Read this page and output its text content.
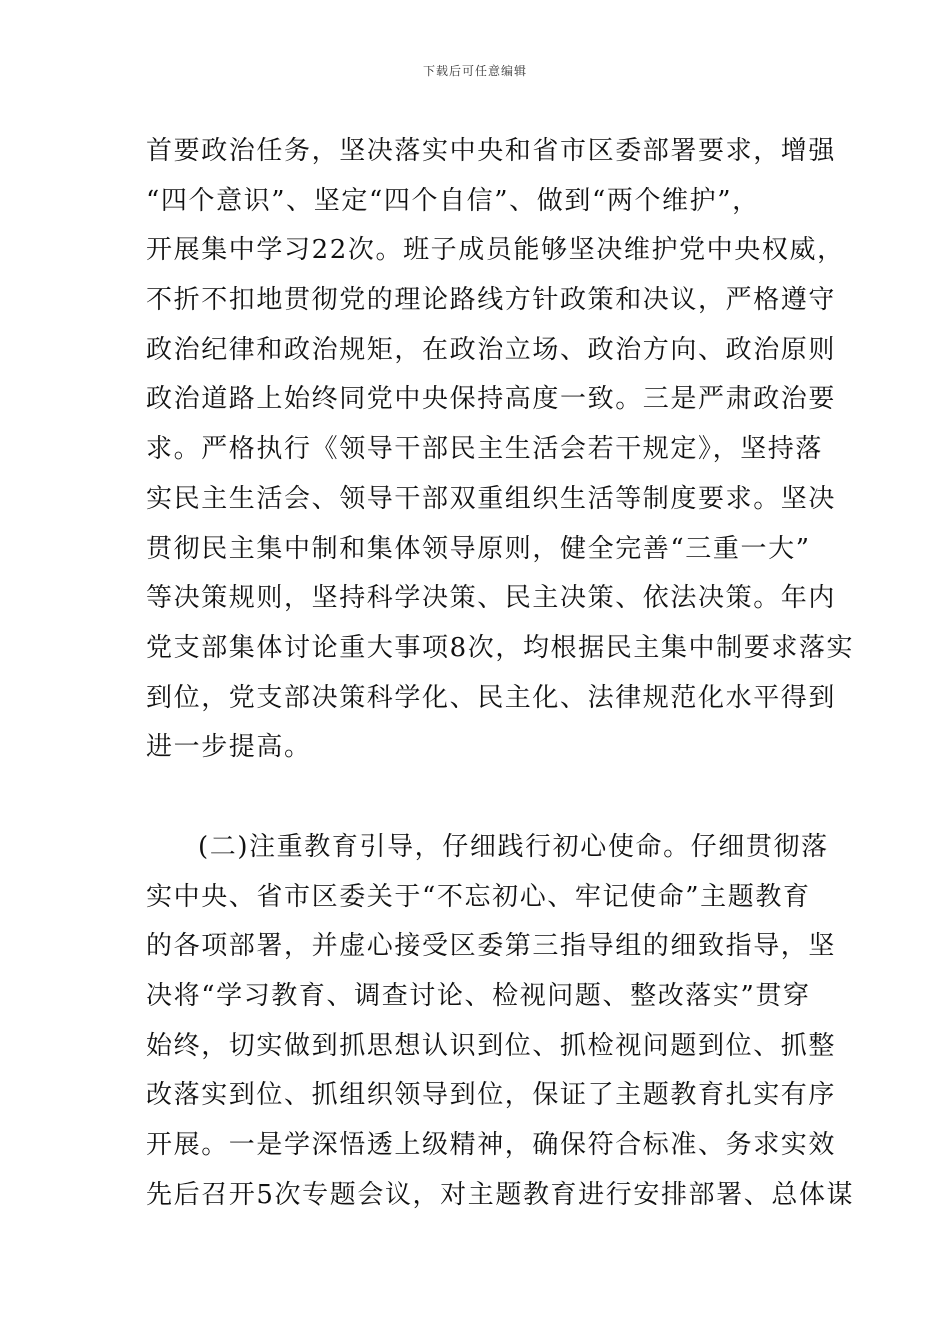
下载后可任意编辑
首要政治任务，坚决落实中央和省市区委部署要求，增强
“四个意识”、坚定“四个自信”、做到“两个维护”，
开展集中学习22次。班子成员能够坚决维护党中央权威，
不折不扣地贯彻党的理论路线方针政策和决议，严格遵守
政治纪律和政治规矩，在政治立场、政治方向、政治原则
政治道路上始终同党中央保持高度一致。三是严肃政治要
求。严格执行《领导干部民主生活会若干规定》，坚持落
实民主生活会、领导干部双重组织生活等制度要求。坚决
贯彻民主集中制和集体领导原则，健全完善“三重一大”
等决策规则，坚持科学决策、民主决策、依法决策。年内
党支部集体讨论重大事项8次，均根据民主集中制要求落实
到位，党支部决策科学化、民主化、法律规范化水平得到
进一步提高。
(二)注重教育引导，仔细践行初心使命。仔细贯彻落
实中央、省市区委关于“不忘初心、牢记使命”主题教育
的各项部署，并虚心接受区委第三指导组的细致指导，坚
决将“学习教育、调查讨论、检视问题、整改落实”贯穿
始终，切实做到抓思想认识到位、抓检视问题到位、抓整
改落实到位、抓组织领导到位，保证了主题教育扎实有序
开展。一是学深悟透上级精神，确保符合标准、务求实效
先后召开5次专题会议，对主题教育进行安排部署、总体谋
